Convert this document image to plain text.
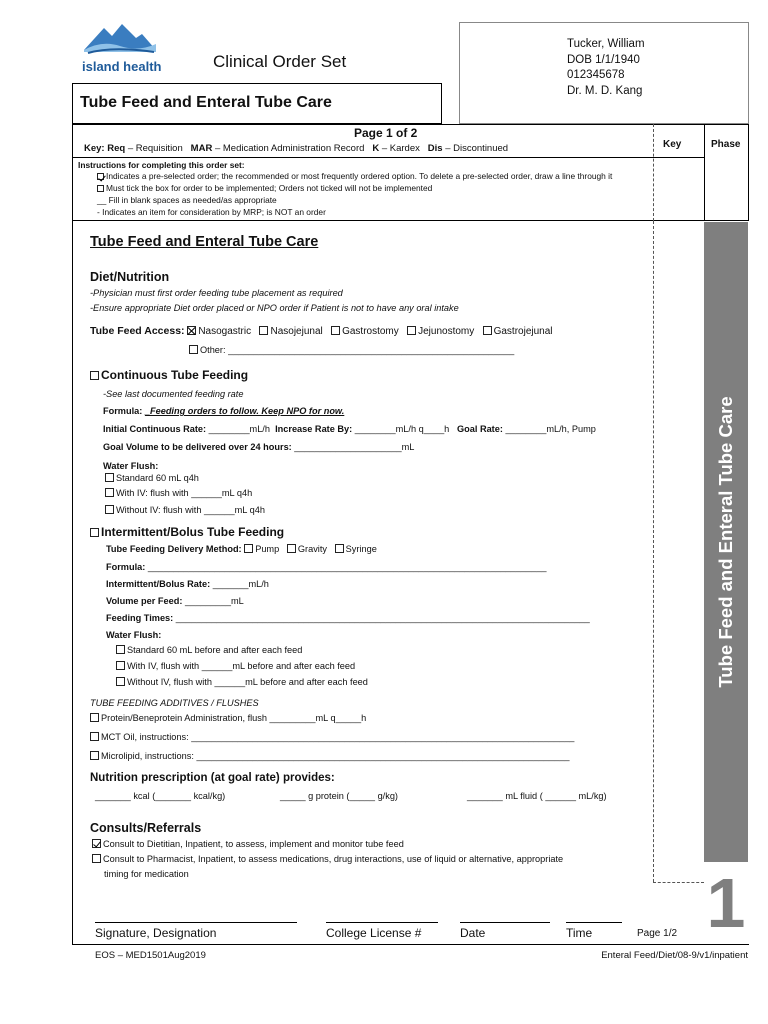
island health	Clinical Order Set
Tucker, William
DOB 1/1/1940
012345678
Dr. M. D. Kang
Tube Feed and Enteral Tube Care
Page 1 of 2
Key: Req – Requisition MAR – Medication Administration Record K – Kardex Dis – Discontinued	Key	Phase
Instructions for completing this order set:
Indicates a pre-selected order; the recommended or most frequently ordered option. To delete a pre-selected order, draw a line through it
Must tick the box for order to be implemented; Orders not ticked will not be implemented
__ Fill in blank spaces as needed/as appropriate
- Indicates an item for consideration by MRP; is NOT an order
Tube Feed and Enteral Tube Care
1
Tube Feed and Enteral Tube Care
Diet/Nutrition
-Physician must first order feeding tube placement as required
-Ensure appropriate Diet order placed or NPO order if Patient is not to have any oral intake
Tube Feed Access: Nasogastric Nasojejunal Gastrostomy Jejunostomy Gastrojejunal
Other: ________________________________________________________
Continuous Tube Feeding
-See last documented feeding rate
Formula: _Feeding orders to follow. Keep NPO for now.
Initial Continuous Rate: ________mL/h Increase Rate By: ________mL/h q____h Goal Rate: ________mL/h, Pump
Goal Volume to be delivered over 24 hours: _____________________mL
Water Flush:
Standard 60 mL q4h
With IV: flush with ______mL q4h
Without IV: flush with ______mL q4h
Intermittent/Bolus Tube Feeding
Tube Feeding Delivery Method: Pump Gravity Syringe
Formula: ______________________________________________________________________________
Intermittent/Bolus Rate: _______mL/h
Volume per Feed: _________mL
Feeding Times: _________________________________________________________________________________
Water Flush:
Standard 60 mL before and after each feed
With IV, flush with ______mL before and after each feed
Without IV, flush with ______mL before and after each feed
TUBE FEEDING ADDITIVES / FLUSHES
Protein/Beneprotein Administration, flush _________mL q_____h
MCT Oil, instructions: ___________________________________________________________________________
Microlipid, instructions: _________________________________________________________________________
Nutrition prescription (at goal rate) provides:
_______ kcal (_______ kcal/kg)	_____ g protein (_____ g/kg)	_______ mL fluid ( ______ mL/kg)
Consults/Referrals
Consult to Dietitian, Inpatient, to assess, implement and monitor tube feed
Consult to Pharmacist, Inpatient, to assess medications, drug interactions, use of liquid or alternative, appropriate
timing for medication
Signature, Designation	College License #	Date	Time	Page 1/2
EOS – MED1501Aug2019	Enteral Feed/Diet/08-9/v1/inpatient
